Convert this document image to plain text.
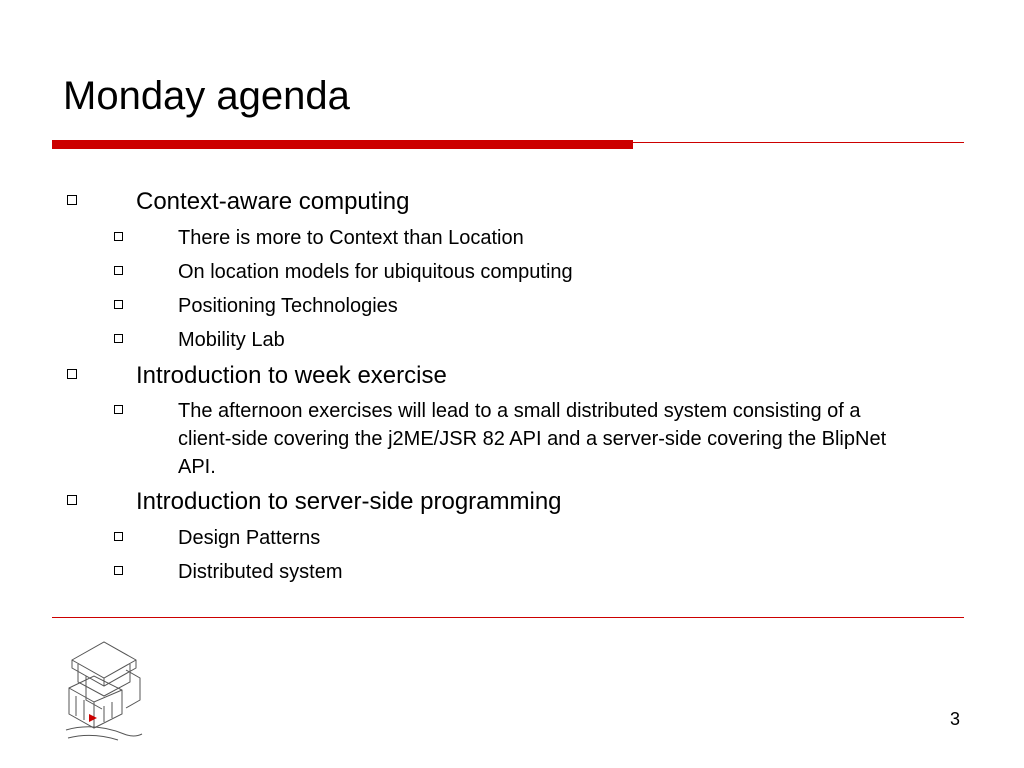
Monday agenda

Context-aware computing

There is more to Context than Location

On location models for ubiquitous computing

Positioning Technologies

Mobility Lab

Introduction to week exercise

The afternoon exercises will lead to a small distributed system consisting of a client-side covering the j2ME/JSR 82 API and a server-side covering the BlipNet API.

Introduction to server-side programming

Design Patterns

Distributed system

3
